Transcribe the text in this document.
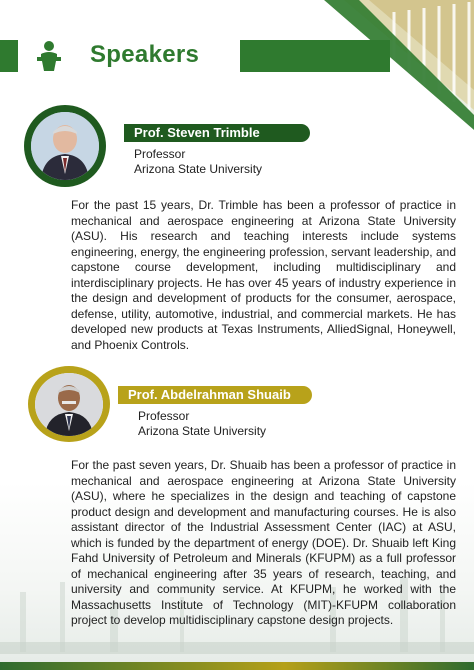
Speakers
Prof. Steven Trimble
Professor
Arizona State University

For the past 15 years, Dr. Trimble has been a professor of practice in mechanical and aerospace engineering at Arizona State University (ASU). His research and teaching interests include systems engineering, energy, the engineering profession, servant leadership, and capstone course development, including multidisciplinary and interdisciplinary projects. He has over 45 years of industry experience in the design and development of products for the consumer, aerospace, defense, utility, automotive, industrial, and commercial markets. He has developed new products at Texas Instruments, AlliedSignal, Honeywell, and Phoenix Controls.

Prof. Abdelrahman Shuaib
Professor
Arizona State University

For the past seven years, Dr. Shuaib has been a professor of practice in mechanical and aerospace engineering at Arizona State University (ASU), where he specializes in the design and teaching of capstone product design and development and manufacturing courses. He is also assistant director of the Industrial Assessment Center (IAC) at ASU, which is funded by the department of energy (DOE). Dr. Shuaib left King Fahd University of Petroleum and Minerals (KFUPM) as a full professor of mechanical engineering after 35 years of research, teaching, and university and community service. At KFUPM, he worked with the Massachusetts Institute of Technology (MIT)-KFUPM collaboration project to develop multidisciplinary capstone design projects.
